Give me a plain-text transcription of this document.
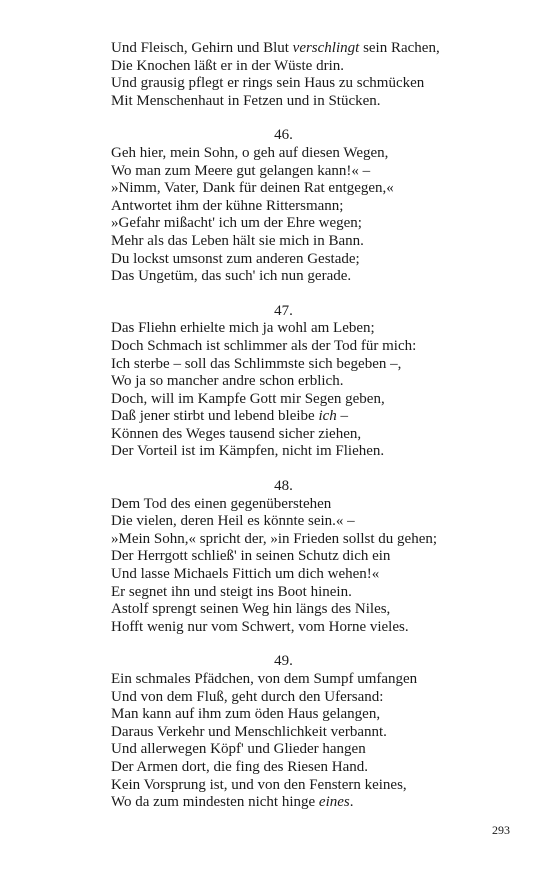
Und Fleisch, Gehirn und Blut verschlingt sein Rachen,
Die Knochen läßt er in der Wüste drin.
Und grausig pflegt er rings sein Haus zu schmücken
Mit Menschenhaut in Fetzen und in Stücken.
46.
Geh hier, mein Sohn, o geh auf diesen Wegen,
Wo man zum Meere gut gelangen kann!« –
»Nimm, Vater, Dank für deinen Rat entgegen,«
Antwortet ihm der kühne Rittersmann;
»Gefahr mißacht' ich um der Ehre wegen;
Mehr als das Leben hält sie mich in Bann.
Du lockst umsonst zum anderen Gestade;
Das Ungetüm, das such' ich nun gerade.
47.
Das Fliehn erhielte mich ja wohl am Leben;
Doch Schmach ist schlimmer als der Tod für mich:
Ich sterbe – soll das Schlimmste sich begeben –,
Wo ja so mancher andre schon erblich.
Doch, will im Kampfe Gott mir Segen geben,
Daß jener stirbt und lebend bleibe ich –
Können des Weges tausend sicher ziehen,
Der Vorteil ist im Kämpfen, nicht im Fliehen.
48.
Dem Tod des einen gegenüberstehen
Die vielen, deren Heil es könnte sein.« –
»Mein Sohn,« spricht der, »in Frieden sollst du gehen;
Der Herrgott schließ' in seinen Schutz dich ein
Und lasse Michaels Fittich um dich wehen!«
Er segnet ihn und steigt ins Boot hinein.
Astolf sprengt seinen Weg hin längs des Niles,
Hofft wenig nur vom Schwert, vom Horne vieles.
49.
Ein schmales Pfädchen, von dem Sumpf umfangen
Und von dem Fluß, geht durch den Ufersand:
Man kann auf ihm zum öden Haus gelangen,
Daraus Verkehr und Menschlichkeit verbannt.
Und allerwegen Köpf' und Glieder hangen
Der Armen dort, die fing des Riesen Hand.
Kein Vorsprung ist, und von den Fenstern keines,
Wo da zum mindesten nicht hinge eines.
293
